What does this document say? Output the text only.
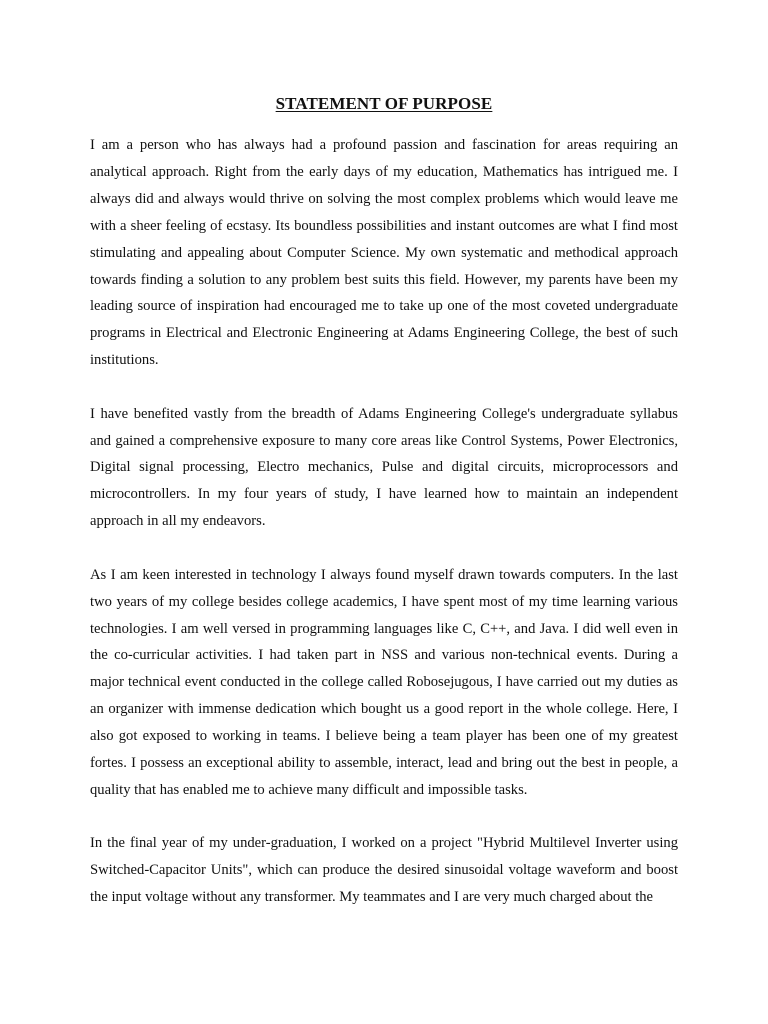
STATEMENT OF PURPOSE

I am a person who has always had a profound passion and fascination for areas requiring an analytical approach. Right from the early days of my education, Mathematics has intrigued me. I always did and always would thrive on solving the most complex problems which would leave me with a sheer feeling of ecstasy. Its boundless possibilities and instant outcomes are what I find most stimulating and appealing about Computer Science. My own systematic and methodical approach towards finding a solution to any problem best suits this field. However, my parents have been my leading source of inspiration had encouraged me to take up one of the most coveted undergraduate programs in Electrical and Electronic Engineering at Adams Engineering College, the best of such institutions.

I have benefited vastly from the breadth of Adams Engineering College's undergraduate syllabus and gained a comprehensive exposure to many core areas like Control Systems, Power Electronics, Digital signal processing, Electro mechanics, Pulse and digital circuits, microprocessors and microcontrollers. In my four years of study, I have learned how to maintain an independent approach in all my endeavors.

As I am keen interested in technology I always found myself drawn towards computers. In the last two years of my college besides college academics, I have spent most of my time learning various technologies. I am well versed in programming languages like C, C++, and Java. I did well even in the co-curricular activities. I had taken part in NSS and various non-technical events. During a major technical event conducted in the college called Robosejugous, I have carried out my duties as an organizer with immense dedication which bought us a good report in the whole college. Here, I also got exposed to working in teams. I believe being a team player has been one of my greatest fortes. I possess an exceptional ability to assemble, interact, lead and bring out the best in people, a quality that has enabled me to achieve many difficult and impossible tasks.

In the final year of my under-graduation, I worked on a project "Hybrid Multilevel Inverter using Switched-Capacitor Units", which can produce the desired sinusoidal voltage waveform and boost the input voltage without any transformer. My teammates and I are very much charged about the
